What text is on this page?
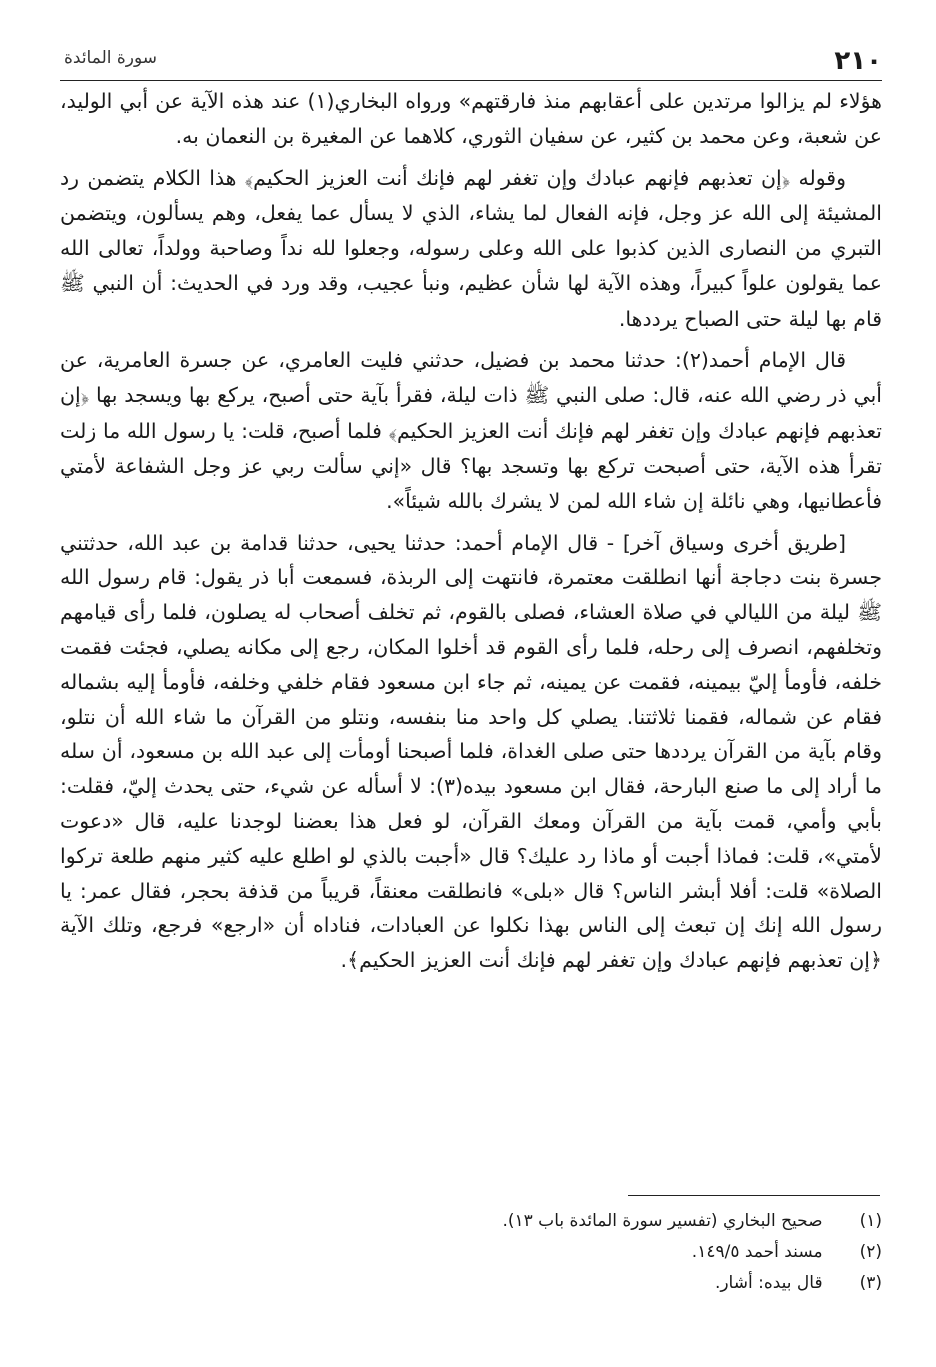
٢١٠
سورة المائدة

هؤلاء لم يزالوا مرتدين على أعقابهم منذ فارقتهم» ورواه البخاري(١) عند هذه الآية عن أبي الوليد، عن شعبة، وعن محمد بن كثير، عن سفيان الثوري، كلاهما عن المغيرة بن النعمان به.

وقوله ﴿إن تعذبهم فإنهم عبادك وإن تغفر لهم فإنك أنت العزيز الحكيم﴾ هذا الكلام يتضمن رد المشيئة إلى الله عز وجل، فإنه الفعال لما يشاء، الذي لا يسأل عما يفعل، وهم يسألون، ويتضمن التبري من النصارى الذين كذبوا على الله وعلى رسوله، وجعلوا لله نداً وصاحبة وولداً، تعالى الله عما يقولون علواً كبيراً، وهذه الآية لها شأن عظيم، ونبأ عجيب، وقد ورد في الحديث: أن النبي ﷺ قام بها ليلة حتى الصباح يرددها.

قال الإمام أحمد(٢): حدثنا محمد بن فضيل، حدثني فليت العامري، عن جسرة العامرية، عن أبي ذر رضي الله عنه، قال: صلى النبي ﷺ ذات ليلة، فقرأ بآية حتى أصبح، يركع بها ويسجد بها ﴿إن تعذبهم فإنهم عبادك وإن تغفر لهم فإنك أنت العزيز الحكيم﴾ فلما أصبح، قلت: يا رسول الله ما زلت تقرأ هذه الآية، حتى أصبحت تركع بها وتسجد بها؟ قال «إني سألت ربي عز وجل الشفاعة لأمتي فأعطانيها، وهي نائلة إن شاء الله لمن لا يشرك بالله شيئاً».

[طريق أخرى وسياق آخر] - قال الإمام أحمد: حدثنا يحيى، حدثنا قدامة بن عبد الله، حدثتني جسرة بنت دجاجة أنها انطلقت معتمرة، فانتهت إلى الربذة، فسمعت أبا ذر يقول: قام رسول الله ﷺ ليلة من الليالي في صلاة العشاء، فصلى بالقوم، ثم تخلف أصحاب له يصلون، فلما رأى قيامهم وتخلفهم، انصرف إلى رحله، فلما رأى القوم قد أخلوا المكان، رجع إلى مكانه يصلي، فجئت فقمت خلفه، فأومأ إليّ بيمينه، فقمت عن يمينه، ثم جاء ابن مسعود فقام خلفي وخلفه، فأومأ إليه بشماله فقام عن شماله، فقمنا ثلاثتنا. يصلي كل واحد منا بنفسه، ونتلو من القرآن ما شاء الله أن نتلو، وقام بآية من القرآن يرددها حتى صلى الغداة، فلما أصبحنا أومأت إلى عبد الله بن مسعود، أن سله ما أراد إلى ما صنع البارحة، فقال ابن مسعود بيده(٣): لا أسأله عن شيء، حتى يحدث إليّ، فقلت: بأبي وأمي، قمت بآية من القرآن ومعك القرآن، لو فعل هذا بعضنا لوجدنا عليه، قال «دعوت لأمتي»، قلت: فماذا أجبت أو ماذا رد عليك؟ قال «أجبت بالذي لو اطلع عليه كثير منهم طلعة تركوا الصلاة» قلت: أفلا أبشر الناس؟ قال «بلى» فانطلقت معنقاً، قريباً من قذفة بحجر، فقال عمر: يا رسول الله إنك إن تبعث إلى الناس بهذا نكلوا عن العبادات، فناداه أن «ارجع» فرجع، وتلك الآية ﴿إن تعذبهم فإنهم عبادك وإن تغفر لهم فإنك أنت العزيز الحكيم﴾.

(١) صحيح البخاري (تفسير سورة المائدة باب ١٣).
(٢) مسند أحمد ١٤٩/٥.
(٣) قال بيده: أشار.
